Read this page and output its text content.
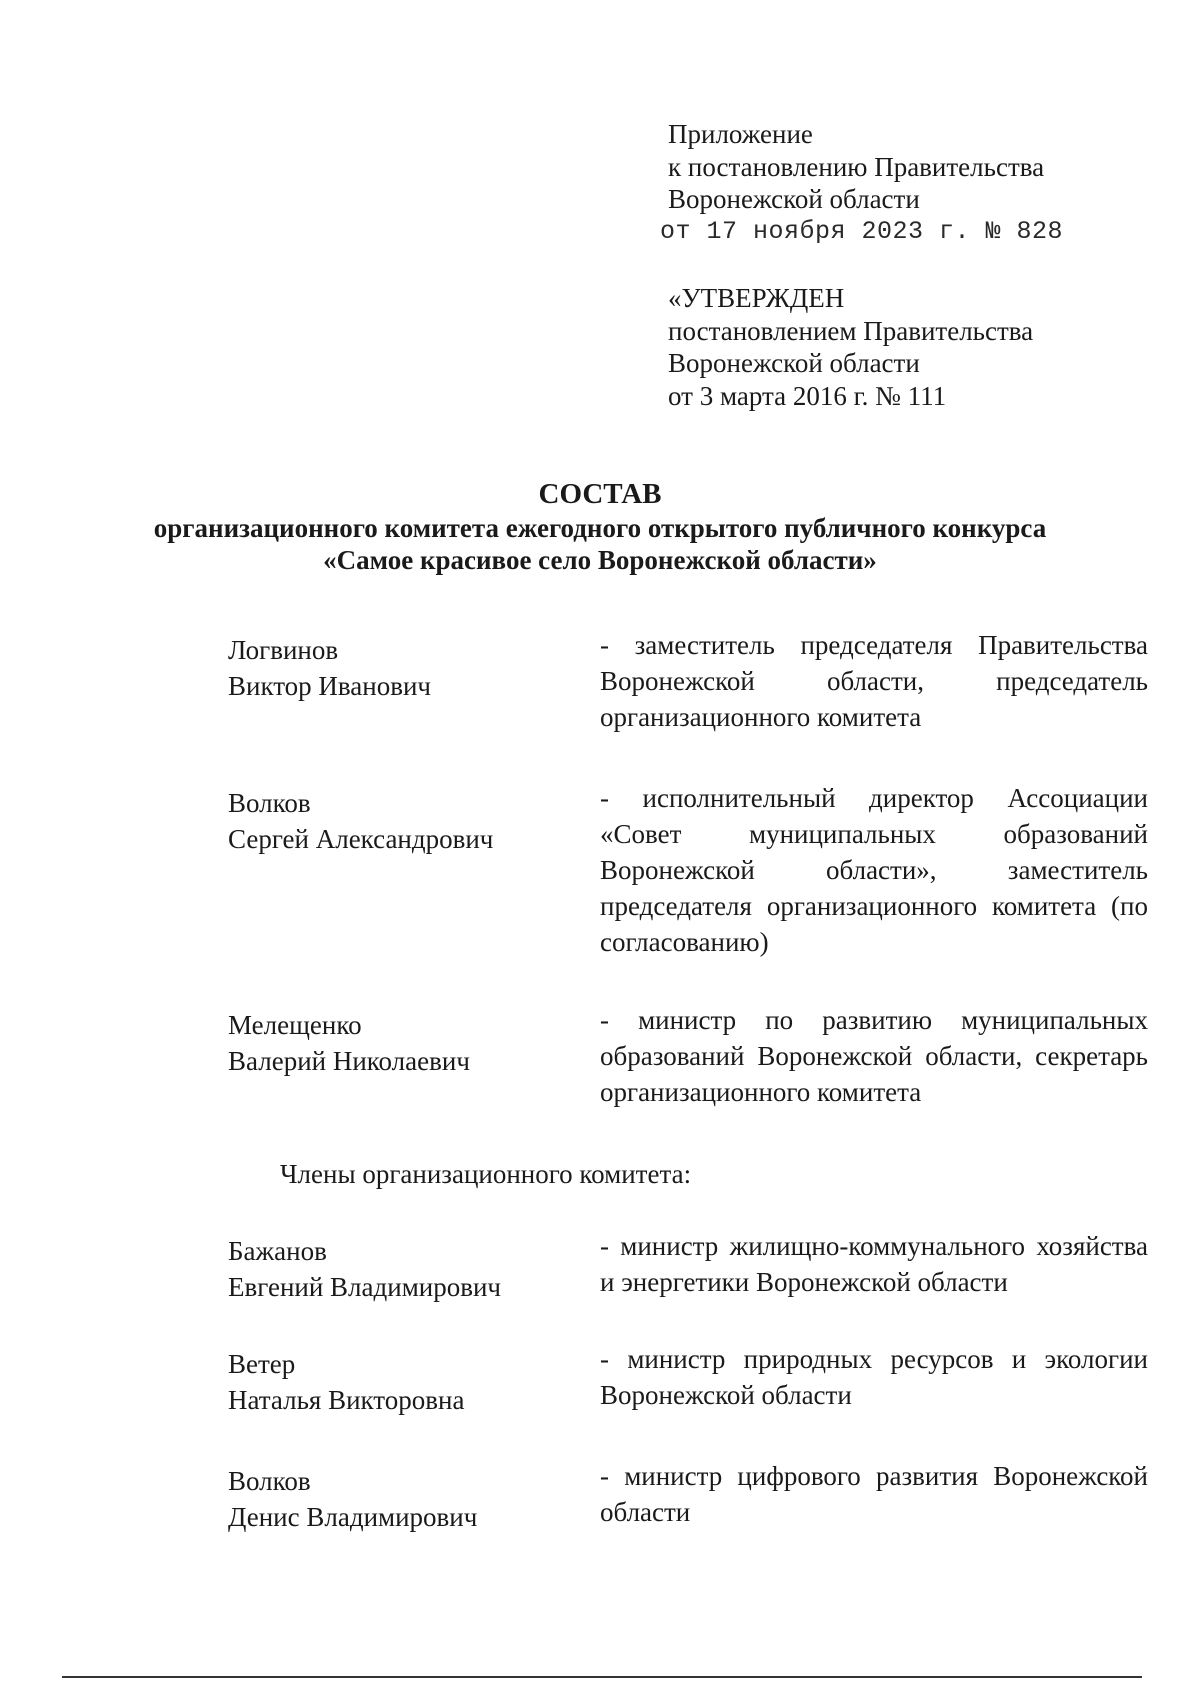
Приложение
к постановлению Правительства
Воронежской области
от 17 ноября 2023 г. № 828
«УТВЕРЖДЕН
постановлением Правительства
Воронежской области
от 3 марта 2016 г. № 111
СОСТАВ
организационного комитета ежегодного открытого публичного конкурса
«Самое красивое село Воронежской области»
Логвинов
Виктор Иванович
- заместитель председателя Правительства
Воронежской области, председатель
организационного комитета
Волков
Сергей Александрович
- исполнительный директор Ассоциации
«Совет муниципальных образований
Воронежской области», заместитель
председателя организационного комитета (по
согласованию)
Мелещенко
Валерий Николаевич
- министр по развитию муниципальных
образований Воронежской области, секретарь
организационного комитета
Члены организационного комитета:
Бажанов
Евгений Владимирович
- министр жилищно-коммунального хозяйства
и энергетики Воронежской области
Ветер
Наталья Викторовна
- министр природных ресурсов и экологии
Воронежской области
Волков
Денис Владимирович
- министр цифрового развития Воронежской
области
